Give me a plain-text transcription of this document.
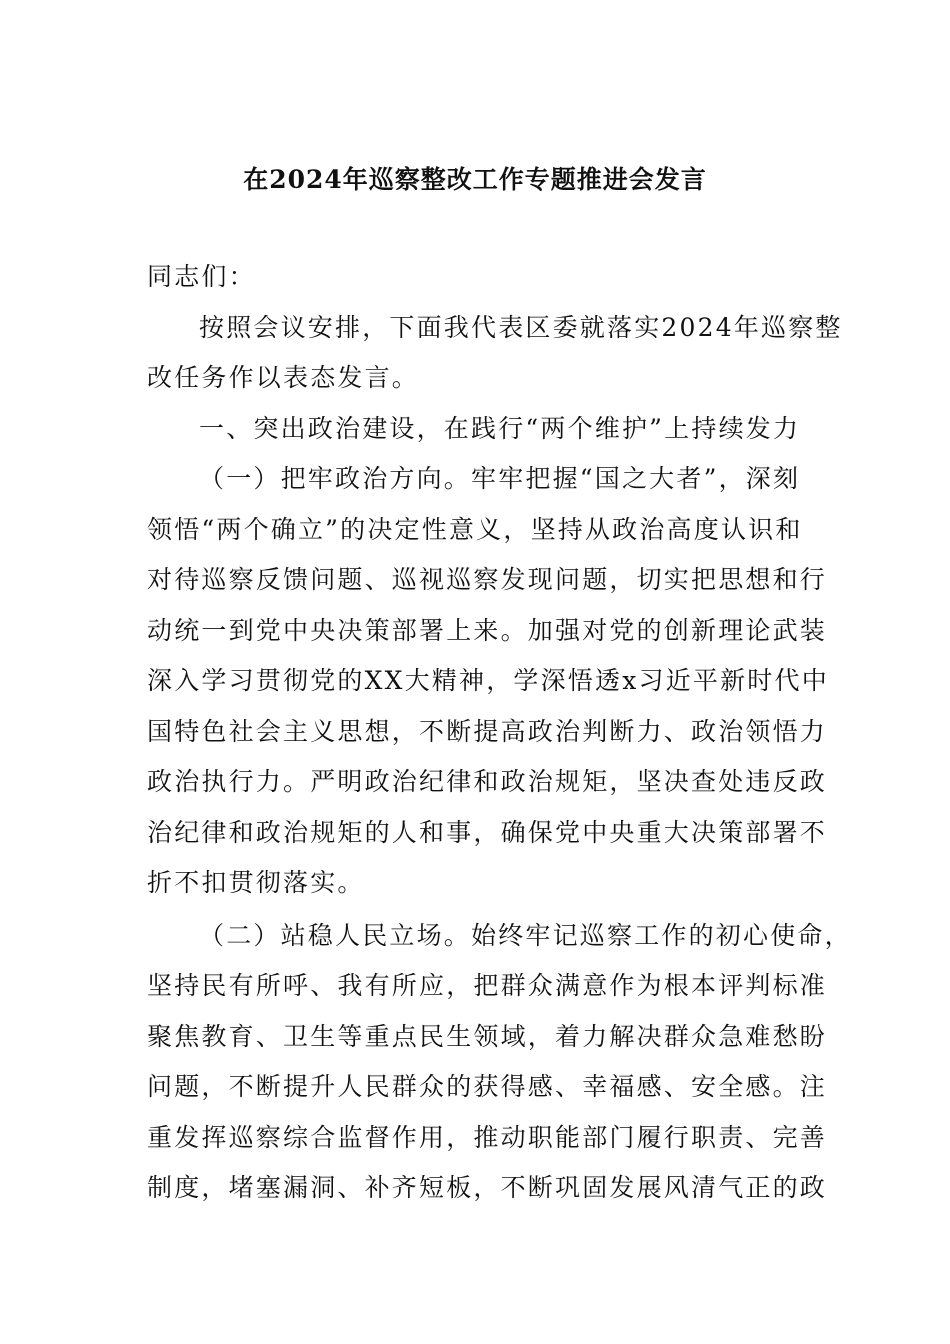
在2024年巡察整改工作专题推进会发言
同志们：
按照会议安排，下面我代表区委就落实2024年巡察整
改任务作以表态发言。
一、突出政治建设，在践行“两个维护”上持续发力
（一）把牢政治方向。牢牢把握“国之大者”，深刻
领悟“两个确立”的决定性意义，坚持从政治高度认识和
对待巡察反馈问题、巡视巡察发现问题，切实把思想和行
动统一到党中央决策部署上来。加强对党的创新理论武装
深入学习贯彻党的XX大精神，学深悟透x习近平新时代中
国特色社会主义思想，不断提高政治判断力、政治领悟力
政治执行力。严明政治纪律和政治规矩，坚决查处违反政
治纪律和政治规矩的人和事，确保党中央重大决策部署不
折不扣贯彻落实。
（二）站稳人民立场。始终牢记巡察工作的初心使命，
坚持民有所呼、我有所应，把群众满意作为根本评判标准
聚焦教育、卫生等重点民生领域，着力解决群众急难愁盼
问题，不断提升人民群众的获得感、幸福感、安全感。注
重发挥巡察综合监督作用，推动职能部门履行职责、完善
制度，堵塞漏洞、补齐短板，不断巩固发展风清气正的政
